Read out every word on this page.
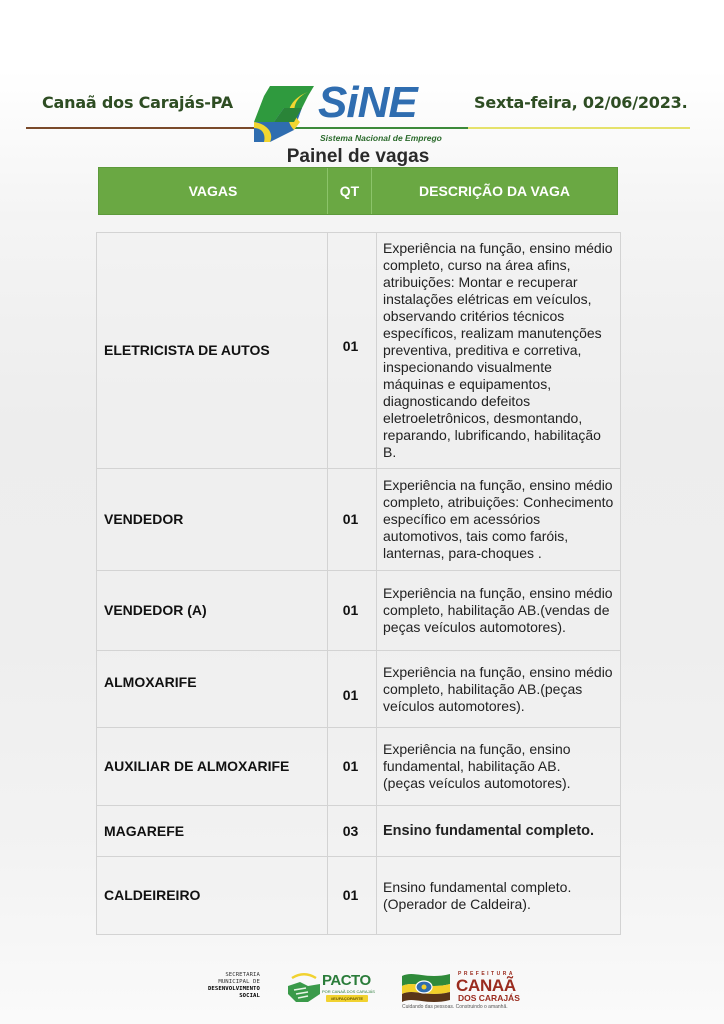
Canaã dos Carajás-PA	Sexta-feira, 02/06/2023.
SiNE
Sistema Nacional de Emprego
Painel de vagas
VAGAS	QT	DESCRIÇÃO DA VAGA
ELETRICISTA DE AUTOS	01	Experiência na função, ensino médio completo, curso na área afins, atribuições: Montar e recuperar instalações elétricas em veículos, observando critérios técnicos específicos, realizam manutenções preventiva, preditiva e corretiva, inspecionando visualmente máquinas e equipamentos, diagnosticando defeitos eletroeletrônicos, desmontando, reparando, lubrificando, habilitação B.
VENDEDOR	01	Experiência na função, ensino médio completo, atribuições: Conhecimento específico em acessórios automotivos, tais como faróis,
lanternas, para-choques .
VENDEDOR (A)	01	Experiência na função, ensino médio completo, habilitação AB.(vendas de peças veículos automotores).
ALMOXARIFE	01	Experiência na função, ensino médio completo, habilitação AB.(peças veículos automotores).
AUXILIAR DE ALMOXARIFE	01	Experiência na função, ensino fundamental, habilitação AB.
(peças veículos automotores).
MAGAREFE	03	Ensino fundamental completo.
CALDEIREIRO	01	Ensino fundamental completo.
(Operador de Caldeira).
SECRETARIA
MUNICIPAL DE
DESENVOLVIMENTO
SOCIAL
PACTO
POR CANAÃ DOS CARAJÁS
#EUFAÇOPARTE
PREFEITURA
CANAÃ
DOS CARAJÁS
Cuidando das pessoas. Construindo o amanhã.
